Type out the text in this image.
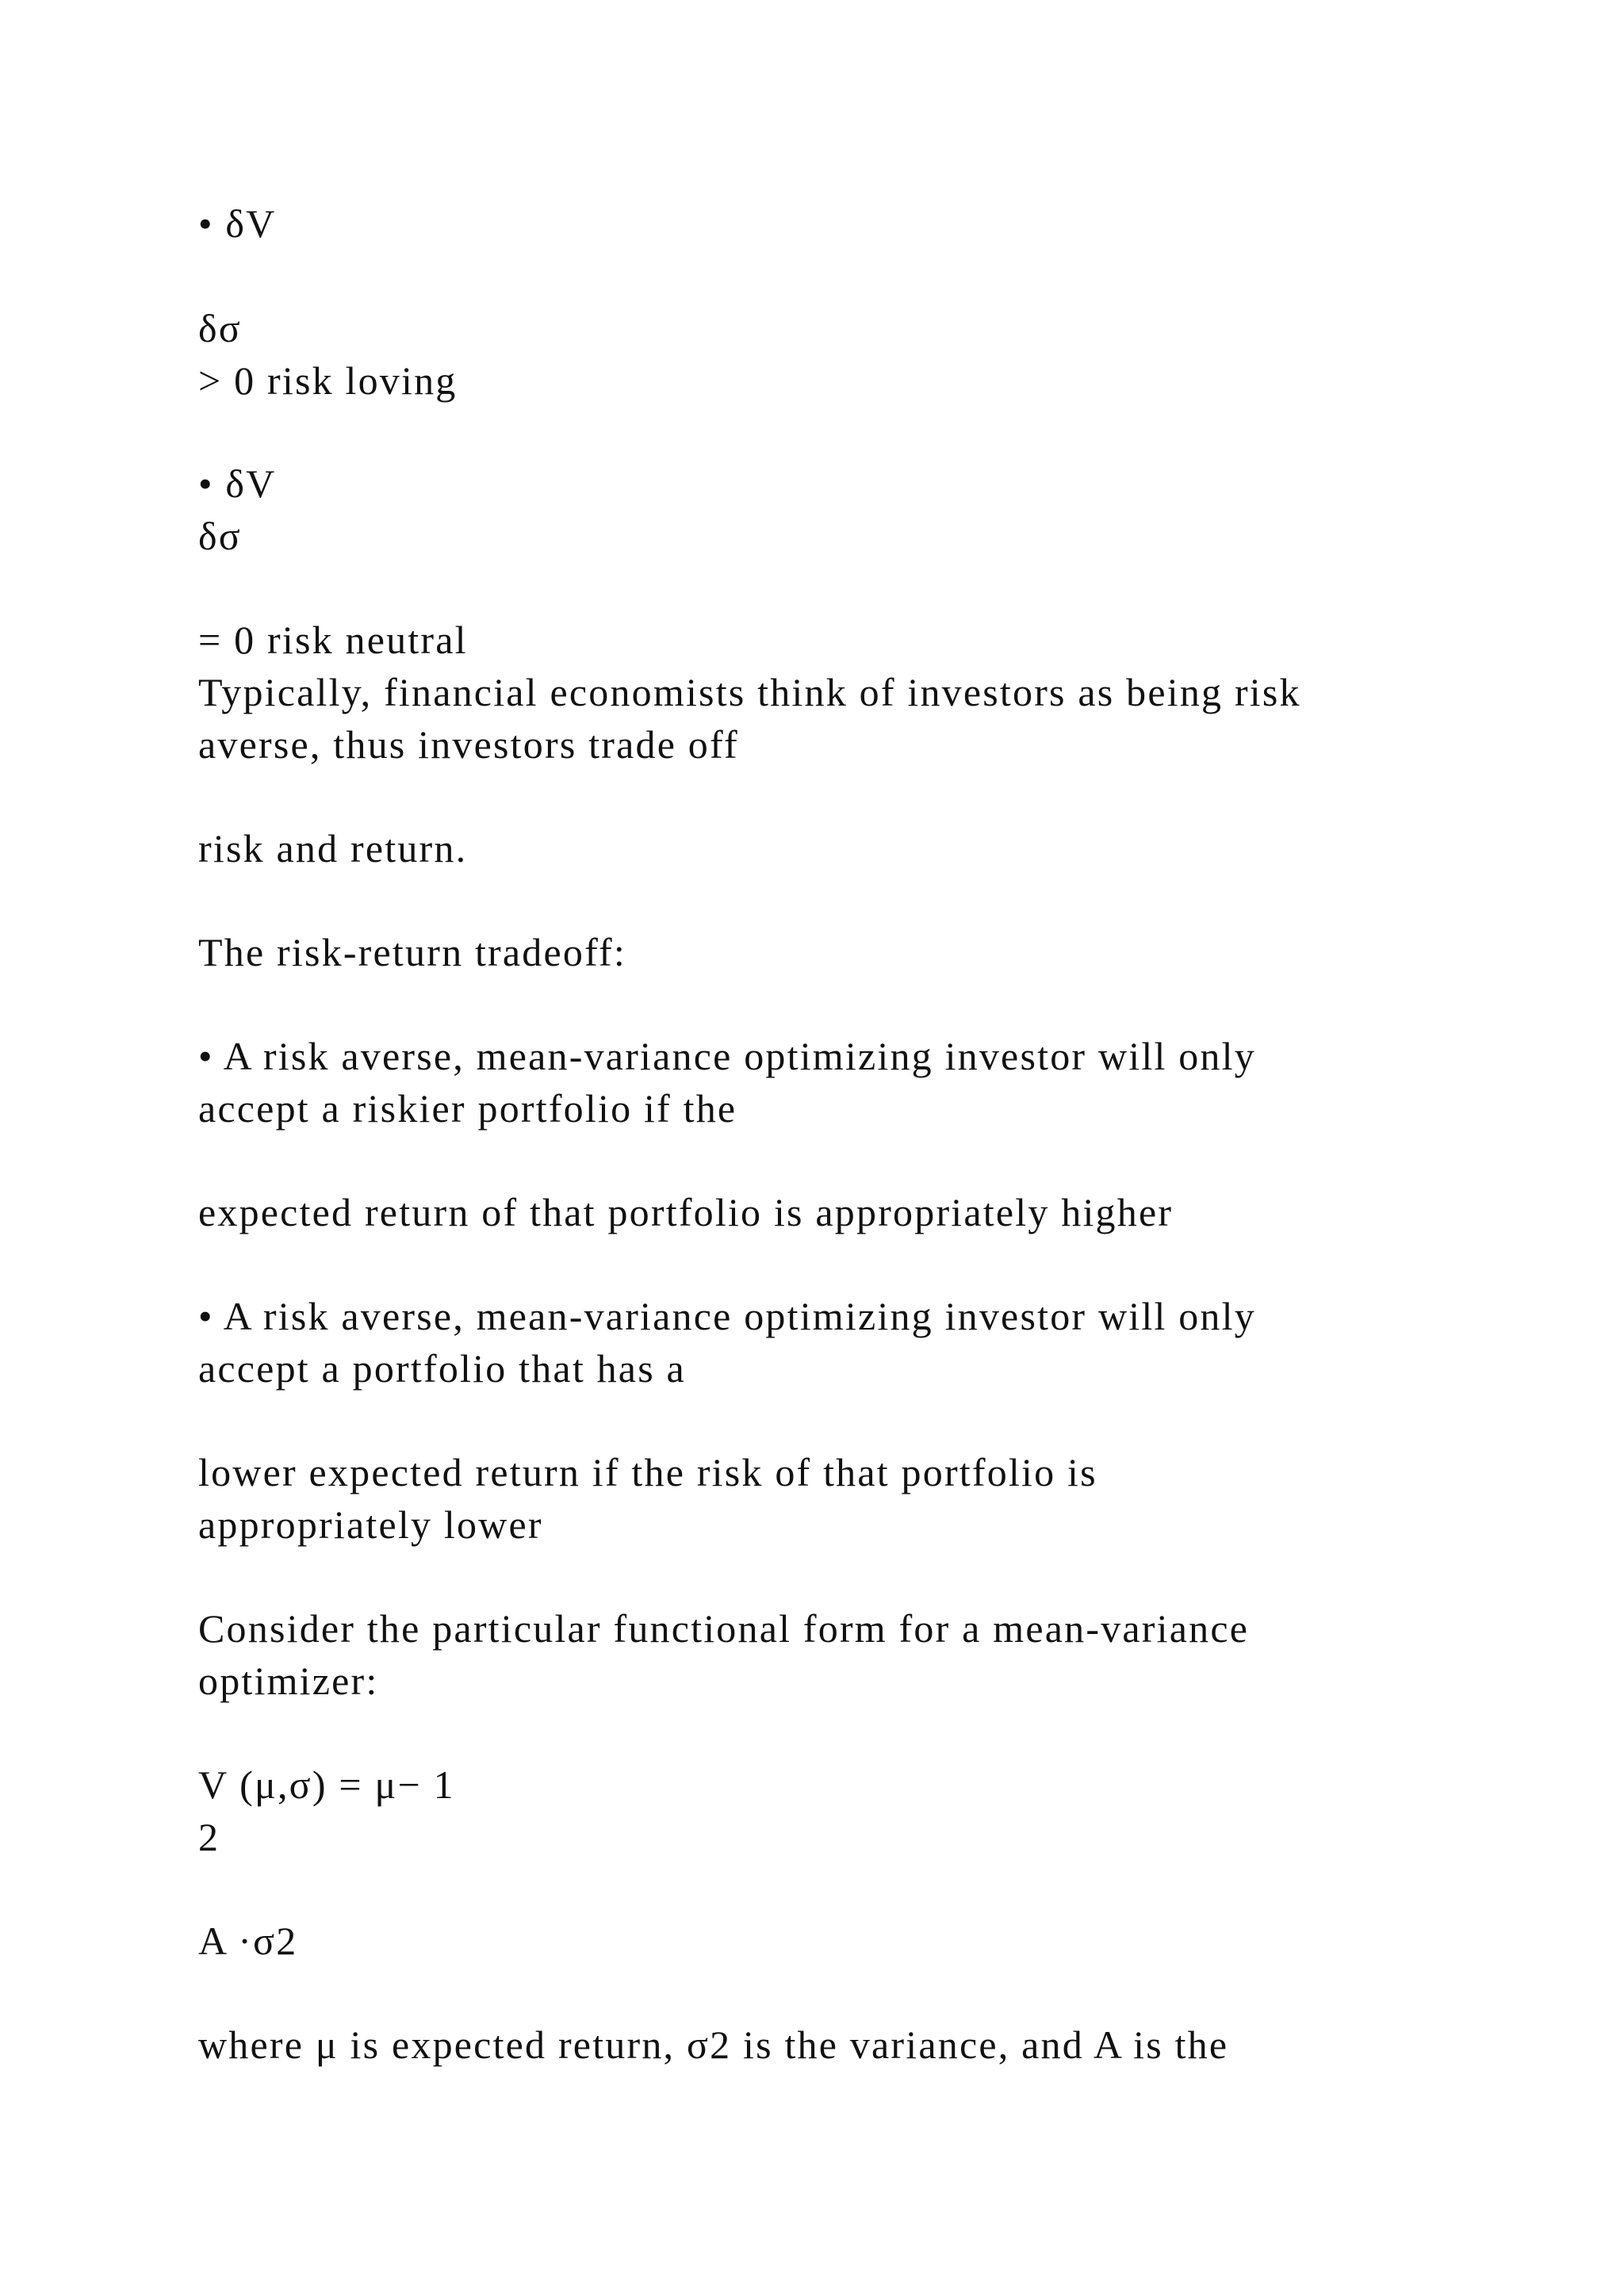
• δV

δσ

> 0 risk loving

• δV

δσ

= 0 risk neutral

Typically, financial economists think of investors as being risk

averse, thus investors trade off

risk and return.

The risk-return tradeoff:

• A risk averse, mean-variance optimizing investor will only

accept a riskier portfolio if the

expected return of that portfolio is appropriately higher

• A risk averse, mean-variance optimizing investor will only

accept a portfolio that has a

lower expected return if the risk of that portfolio is

appropriately lower

Consider the particular functional form for a mean-variance

optimizer:

V (μ,σ) = μ− 1

2

A ·σ2

where μ is expected return, σ2 is the variance, and A is the
